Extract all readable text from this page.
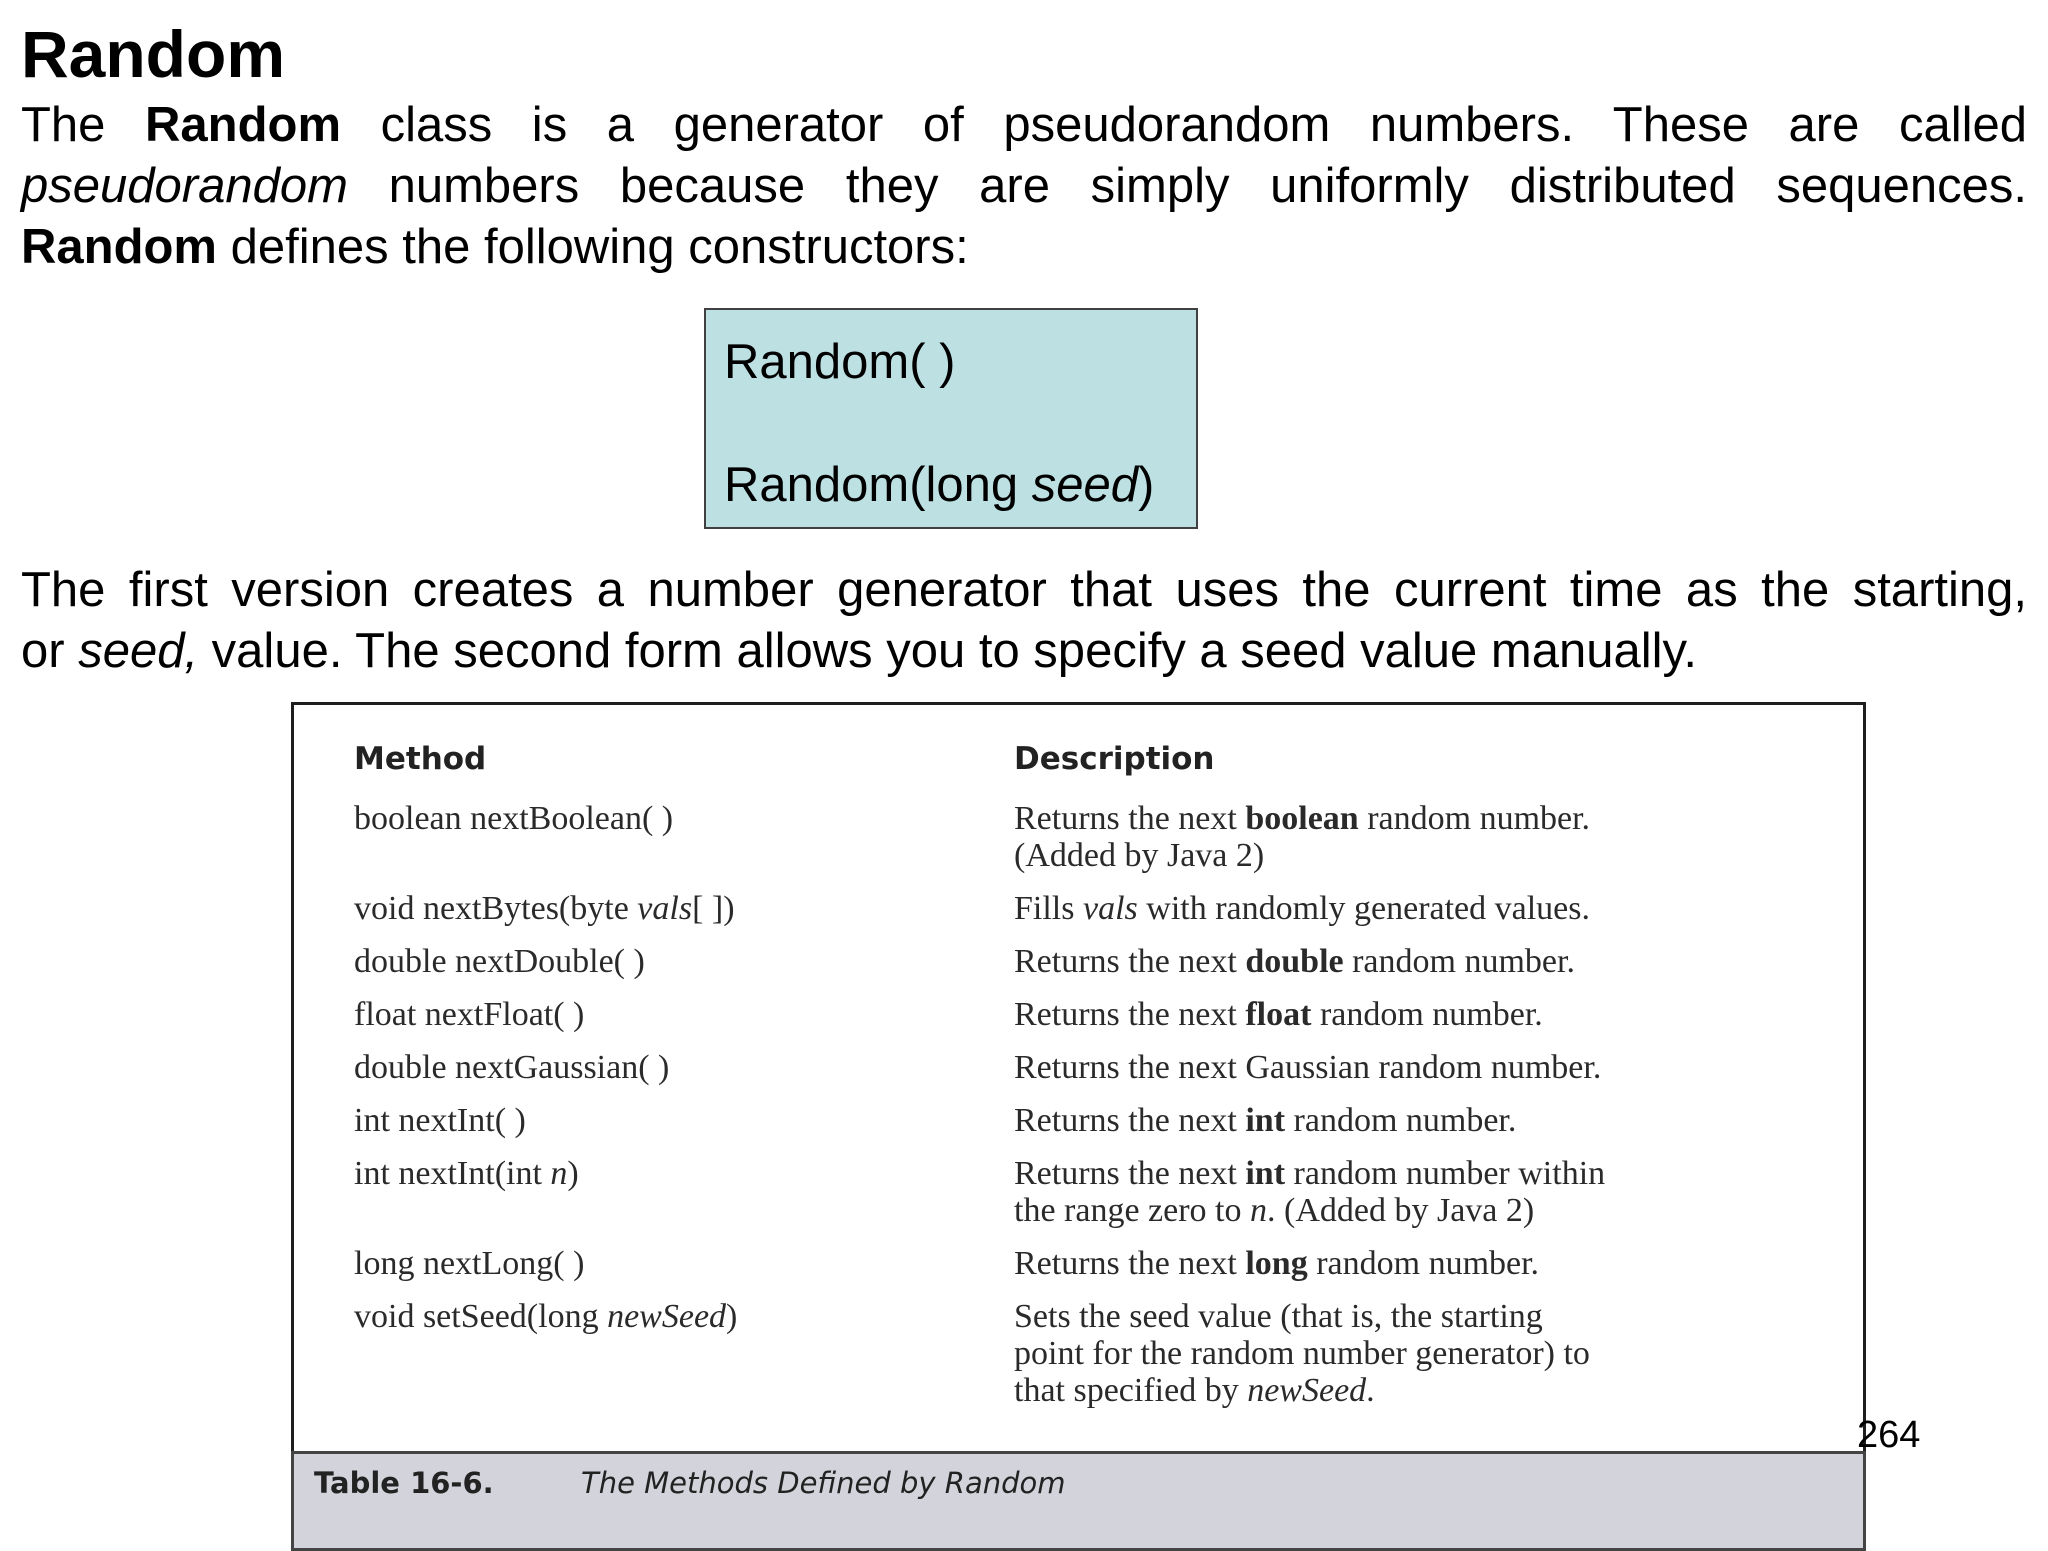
Random
The Random class is a generator of pseudorandom numbers. These are called
pseudorandom numbers because they are simply uniformly distributed sequences.
Random defines the following constructors:
Random( )
Random(long seed)
The first version creates a number generator that uses the current time as the starting,
or seed, value. The second form allows you to specify a seed value manually.
Method	Description
boolean nextBoolean( )	Returns the next boolean random number.
(Added by Java 2)
void nextBytes(byte vals[ ])	Fills vals with randomly generated values.
double nextDouble( )	Returns the next double random number.
float nextFloat( )	Returns the next float random number.
double nextGaussian( )	Returns the next Gaussian random number.
int nextInt( )	Returns the next int random number.
int nextInt(int n)	Returns the next int random number within
the range zero to n. (Added by Java 2)
long nextLong( )	Returns the next long random number.
void setSeed(long newSeed)	Sets the seed value (that is, the starting
point for the random number generator) to
that specified by newSeed.
Table 16-6.	The Methods Defined by Random
264
